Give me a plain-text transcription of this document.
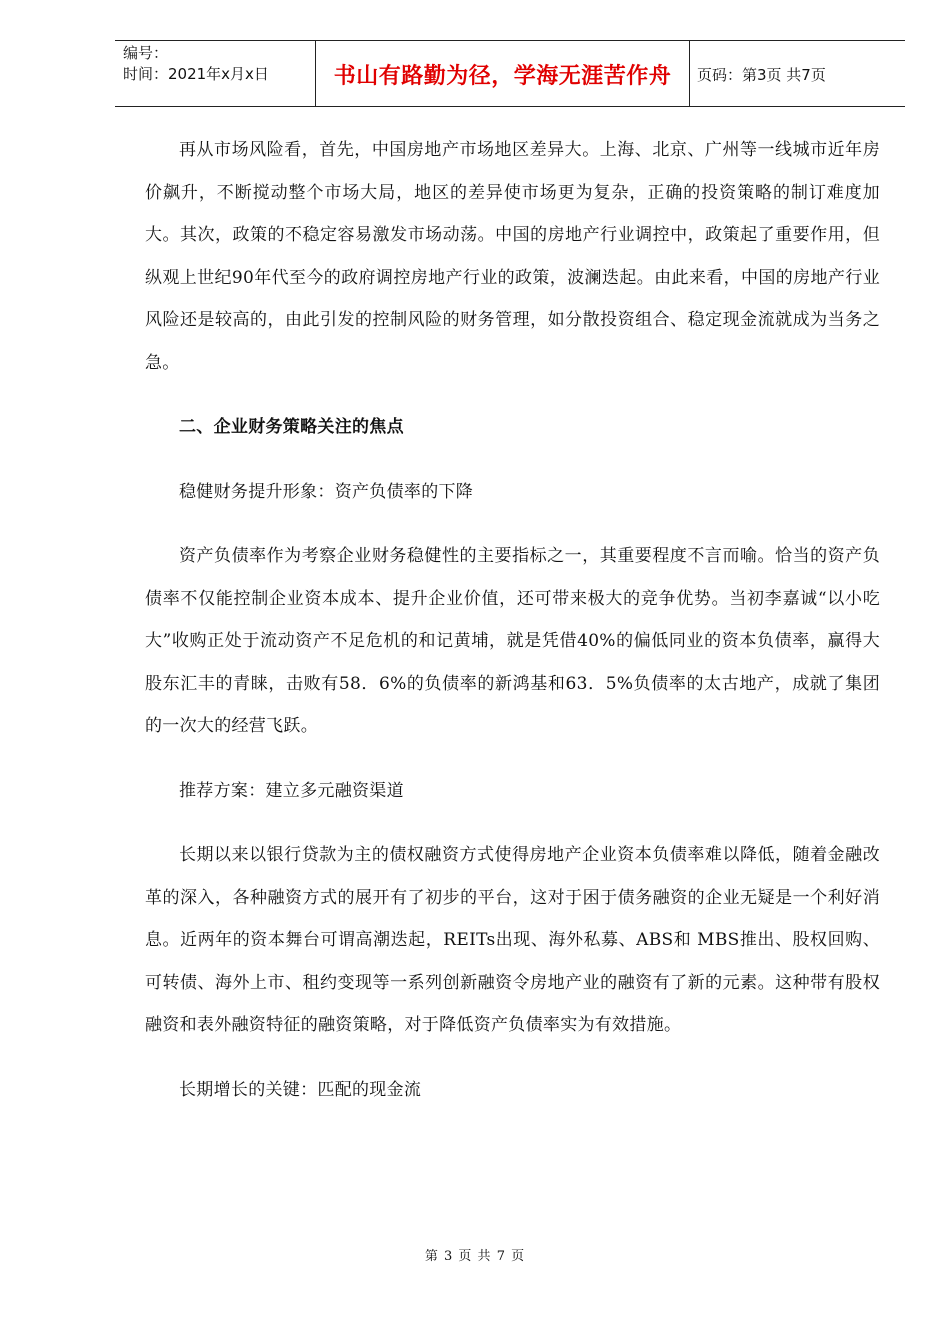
编号：
时间：2021年x月x日	书山有路勤为径，学海无涯苦作舟	页码：第3页 共7页

再从市场风险看，首先，中国房地产市场地区差异大。上海、北京、广州等一线城市近年房价飙升，不断搅动整个市场大局，地区的差异使市场更为复杂，正确的投资策略的制订难度加大。其次，政策的不稳定容易激发市场动荡。中国的房地产行业调控中，政策起了重要作用，但纵观上世纪90年代至今的政府调控房地产行业的政策，波澜迭起。由此来看，中国的房地产行业风险还是较高的，由此引发的控制风险的财务管理，如分散投资组合、稳定现金流就成为当务之急。

二、企业财务策略关注的焦点

稳健财务提升形象：资产负债率的下降

资产负债率作为考察企业财务稳健性的主要指标之一，其重要程度不言而喻。恰当的资产负债率不仅能控制企业资本成本、提升企业价值，还可带来极大的竞争优势。当初李嘉诚“以小吃大”收购正处于流动资产不足危机的和记黄埔，就是凭借40%的偏低同业的资本负债率，赢得大股东汇丰的青睐，击败有58．6%的负债率的新鸿基和63．5%负债率的太古地产，成就了集团的一次大的经营飞跃。

推荐方案：建立多元融资渠道

长期以来以银行贷款为主的债权融资方式使得房地产企业资本负债率难以降低，随着金融改革的深入，各种融资方式的展开有了初步的平台，这对于困于债务融资的企业无疑是一个利好消息。近两年的资本舞台可谓高潮迭起，REITs出现、海外私募、ABS和 MBS推出、股权回购、可转债、海外上市、租约变现等一系列创新融资令房地产业的融资有了新的元素。这种带有股权融资和表外融资特征的融资策略，对于降低资产负债率实为有效措施。

长期增长的关键：匹配的现金流

第 3 页 共 7 页
